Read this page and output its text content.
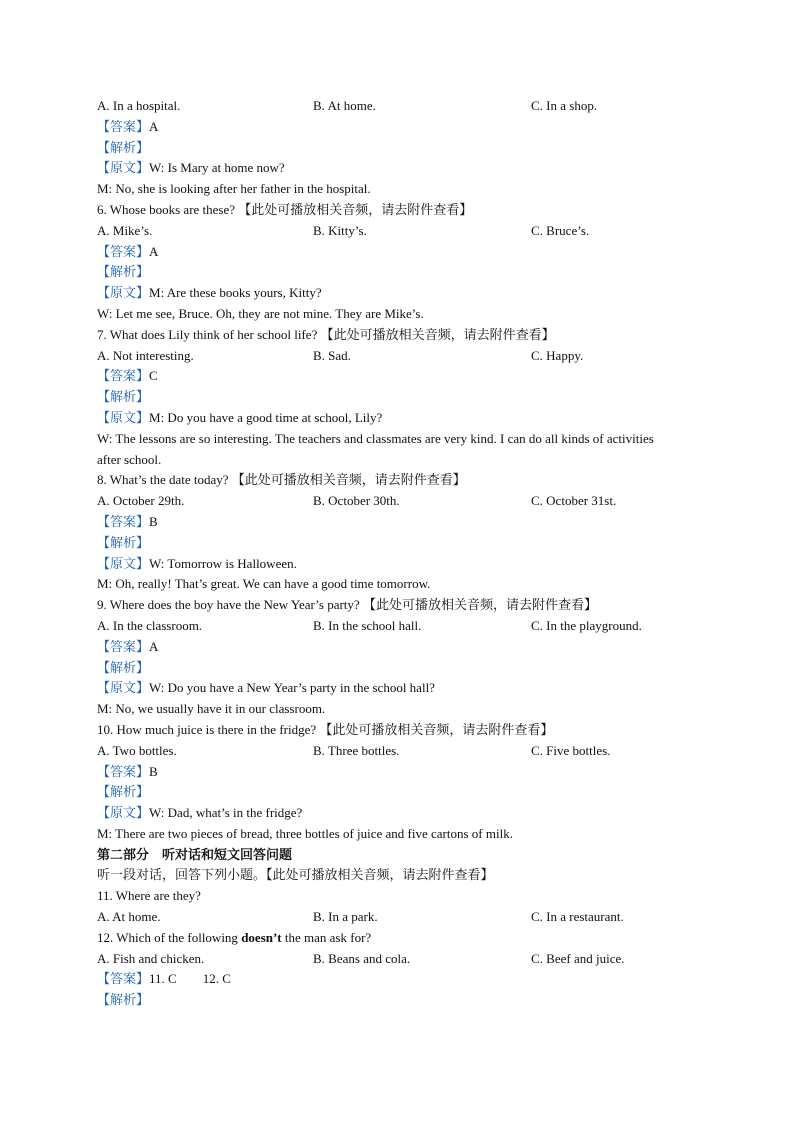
A. In a hospital.	B. At home.	C. In a shop.
【答案】A
【解析】
【原文】W: Is Mary at home now?
M: No, she is looking after her father in the hospital.
6. Whose books are these? 【此处可播放相关音频，请去附件查看】
A. Mike’s.	B. Kitty’s.	C. Bruce’s.
【答案】A
【解析】
【原文】M: Are these books yours, Kitty?
W: Let me see, Bruce. Oh, they are not mine. They are Mike’s.
7. What does Lily think of her school life? 【此处可播放相关音频，请去附件查看】
A. Not interesting.	B. Sad.	C. Happy.
【答案】C
【解析】
【原文】M: Do you have a good time at school, Lily?
W: The lessons are so interesting. The teachers and classmates are very kind. I can do all kinds of activities after school.
8. What’s the date today? 【此处可播放相关音频，请去附件查看】
A. October 29th.	B. October 30th.	C. October 31st.
【答案】B
【解析】
【原文】W: Tomorrow is Halloween.
M: Oh, really! That’s great. We can have a good time tomorrow.
9. Where does the boy have the New Year’s party? 【此处可播放相关音频，请去附件查看】
A. In the classroom.	B. In the school hall.	C. In the playground.
【答案】A
【解析】
【原文】W: Do you have a New Year’s party in the school hall?
M: No, we usually have it in our classroom.
10. How much juice is there in the fridge? 【此处可播放相关音频，请去附件查看】
A. Two bottles.	B. Three bottles.	C. Five bottles.
【答案】B
【解析】
【原文】W: Dad, what’s in the fridge?
M: There are two pieces of bread, three bottles of juice and five cartons of milk.
第二部分　听对话和短文回答问题
听一段对话，回答下列小题。【此处可播放相关音频，请去附件查看】
11. Where are they?
A. At home.	B. In a park.	C. In a restaurant.
12. Which of the following doesn’t the man ask for?
A. Fish and chicken.	B. Beans and cola.	C. Beef and juice.
【答案】11. C 12. C
【解析】
